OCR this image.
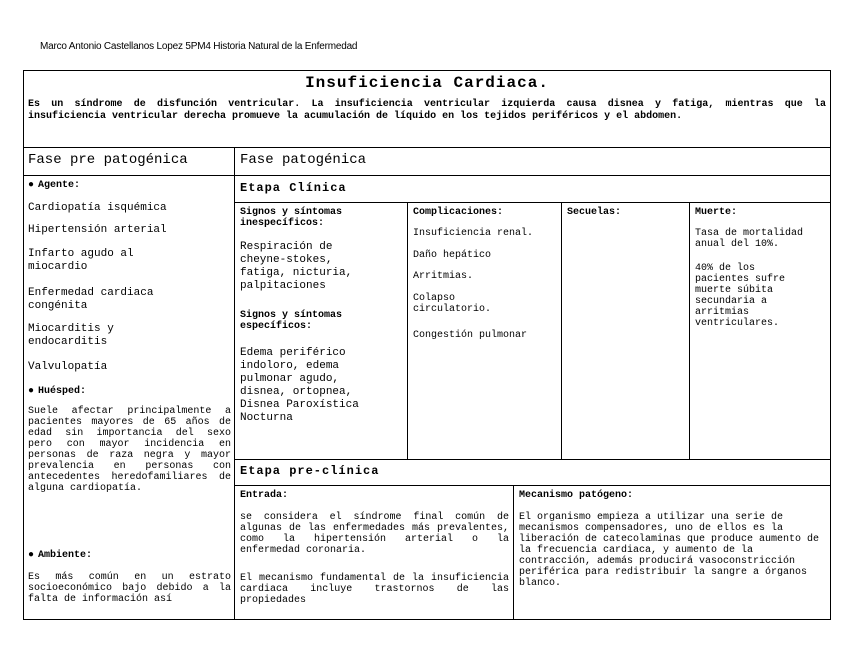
Marco Antonio Castellanos Lopez 5PM4 Historia Natural de la Enfermedad
Insuficiencia Cardiaca.
Es un síndrome de disfunción ventricular. La insuficiencia ventricular izquierda causa disnea y fatiga, mientras que la insuficiencia ventricular derecha promueve la acumulación de líquido en los tejidos periféricos y el abdomen.
Fase pre patogénica	Fase patogénica
● Agente:
Cardiopatía isquémica
Hipertensión arterial
Infarto agudo al
miocardio
Enfermedad cardiaca
congénita
Miocarditis y
endocarditis
Valvulopatía
● Huésped:
Suele afectar principalmente a pacientes mayores de 65 años de edad sin importancia del sexo pero con mayor incidencia en personas de raza negra y mayor prevalencia en personas con antecedentes heredofamiliares de alguna cardiopatía.
● Ambiente:
Es más común en un estrato socioeconómico bajo debido a la falta de información así
Etapa Clínica
Signos y síntomas
inespecíficos:
Respiración de
cheyne-stokes,
fatiga, nicturia,
palpitaciones
Signos y síntomas
específicos:
Edema periférico
indoloro, edema
pulmonar agudo,
disnea, ortopnea,
Disnea Paroxística
Nocturna
Complicaciones:
Insuficiencia renal.
Daño hepático
Arritmias.
Colapso
circulatorio.
Congestión pulmonar
Secuelas:	Muerte:
Tasa de mortalidad
anual del 10%.
40% de los
pacientes sufre
muerte súbita
secundaria a
arritmias
ventriculares.
Etapa pre-clínica
Entrada:
se considera el síndrome final común de algunas de las enfermedades más prevalentes, como la hipertensión arterial o la enfermedad coronaria.
El mecanismo fundamental de la insuficiencia cardiaca incluye trastornos de las propiedades
Mecanismo patógeno:
El organismo empieza a utilizar una serie de mecanismos compensadores, uno de ellos es la liberación de catecolaminas que produce aumento de la frecuencia cardiaca, y aumento de la contracción, además producirá vasoconstricción periférica para redistribuir la sangre a órganos blanco.
